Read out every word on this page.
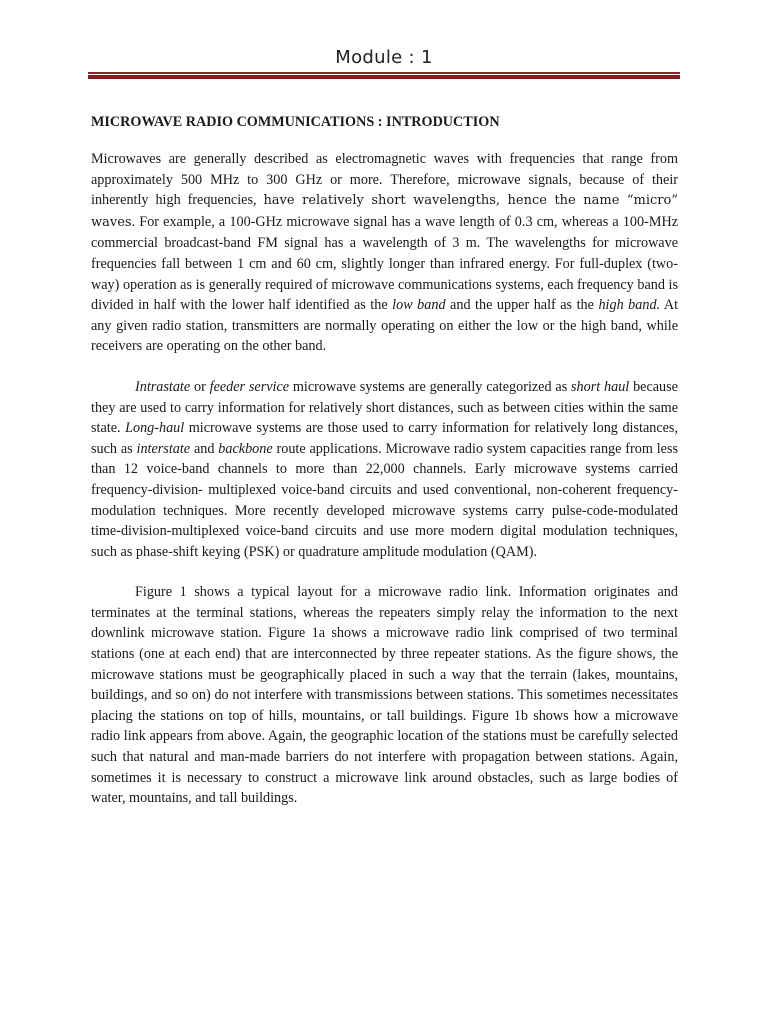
Module : 1
MICROWAVE RADIO COMMUNICATIONS : INTRODUCTION

Microwaves are generally described as electromagnetic waves with frequencies that range from approximately 500 MHz to 300 GHz or more. Therefore, microwave signals, because of their inherently high frequencies, have relatively short wavelengths, hence the name “micro” waves. For example, a 100-GHz microwave signal has a wave length of 0.3 cm, whereas a 100-MHz commercial broadcast-band FM signal has a wavelength of 3 m. The wavelengths for microwave frequencies fall between 1 cm and 60 cm, slightly longer than infrared energy. For full-duplex (two-way) operation as is generally required of microwave communications systems, each frequency band is divided in half with the lower half identified as the low band and the upper half as the high band. At any given radio station, transmitters are normally operating on either the low or the high band, while receivers are operating on the other band.

Intrastate or feeder service microwave systems are generally categorized as short haul because they are used to carry information for relatively short distances, such as between cities within the same state. Long-haul microwave systems are those used to carry information for relatively long distances, such as interstate and backbone route applications. Microwave radio system capacities range from less than 12 voice-band channels to more than 22,000 channels. Early microwave systems carried frequency-division- multiplexed voice-band circuits and used conventional, non-coherent frequency-modulation techniques. More recently developed microwave systems carry pulse-code-modulated time-division-multiplexed voice-band circuits and use more modern digital modulation techniques, such as phase-shift keying (PSK) or quadrature amplitude modulation (QAM).

Figure 1 shows a typical layout for a microwave radio link. Information originates and terminates at the terminal stations, whereas the repeaters simply relay the information to the next downlink microwave station. Figure 1a shows a microwave radio link comprised of two terminal stations (one at each end) that are interconnected by three repeater stations. As the figure shows, the microwave stations must be geographically placed in such a way that the terrain (lakes, mountains, buildings, and so on) do not interfere with transmissions between stations. This sometimes necessitates placing the stations on top of hills, mountains, or tall buildings. Figure 1b shows how a microwave radio link appears from above. Again, the geographic location of the stations must be carefully selected such that natural and man-made barriers do not interfere with propagation between stations. Again, sometimes it is necessary to construct a microwave link around obstacles, such as large bodies of water, mountains, and tall buildings.
